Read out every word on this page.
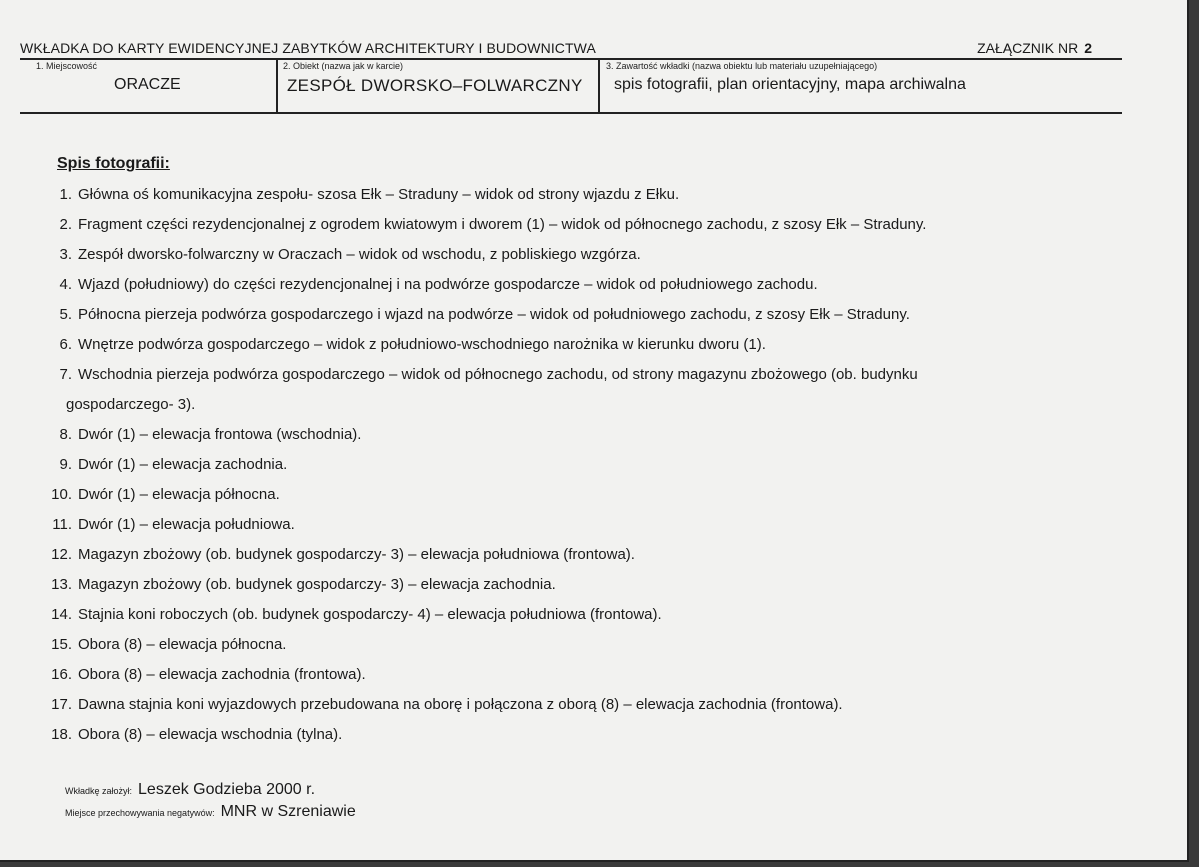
WKŁADKA DO KARTY EWIDENCYJNEJ ZABYTKÓW ARCHITEKTURY I BUDOWNICTWA	ZAŁĄCZNIK NR 2
1. Miejscowość
ORACZE
2. Obiekt (nazwa jak w karcie)
ZESPÓŁ DWORSKO–FOLWARCZNY
3. Zawartość wkładki (nazwa obiektu lub materiału uzupełniającego)
spis fotografii, plan orientacyjny, mapa archiwalna
Spis fotografii:
1. Główna oś komunikacyjna zespołu- szosa Ełk – Straduny – widok od strony wjazdu z Ełku.
2. Fragment części rezydencjonalnej z ogrodem kwiatowym i dworem (1) – widok od północnego zachodu, z szosy Ełk – Straduny.
3. Zespół dworsko-folwarczny w Oraczach – widok od wschodu, z pobliskiego wzgórza.
4. Wjazd (południowy) do części rezydencjonalnej i na podwórze gospodarcze – widok od południowego zachodu.
5. Północna pierzeja podwórza gospodarczego i wjazd na podwórze – widok od południowego zachodu, z szosy Ełk – Straduny.
6. Wnętrze podwórza gospodarczego – widok z południowo-wschodniego narożnika w kierunku dworu (1).
7. Wschodnia pierzeja podwórza gospodarczego – widok od północnego zachodu, od strony magazynu zbożowego (ob. budynku
gospodarczego- 3).
8. Dwór (1) – elewacja frontowa (wschodnia).
9. Dwór (1) – elewacja zachodnia.
10. Dwór (1) – elewacja północna.
11. Dwór (1) – elewacja południowa.
12. Magazyn zbożowy (ob. budynek gospodarczy- 3) – elewacja południowa (frontowa).
13. Magazyn zbożowy (ob. budynek gospodarczy- 3) – elewacja zachodnia.
14. Stajnia koni roboczych (ob. budynek gospodarczy- 4) – elewacja południowa (frontowa).
15. Obora (8) – elewacja północna.
16. Obora (8) – elewacja zachodnia (frontowa).
17. Dawna stajnia koni wyjazdowych przebudowana na oborę i połączona z oborą (8) – elewacja zachodnia (frontowa).
18. Obora (8) – elewacja wschodnia (tylna).
Wkładkę założył: Leszek Godzieba 2000 r.
Miejsce przechowywania negatywów: MNR w Szreniawie
